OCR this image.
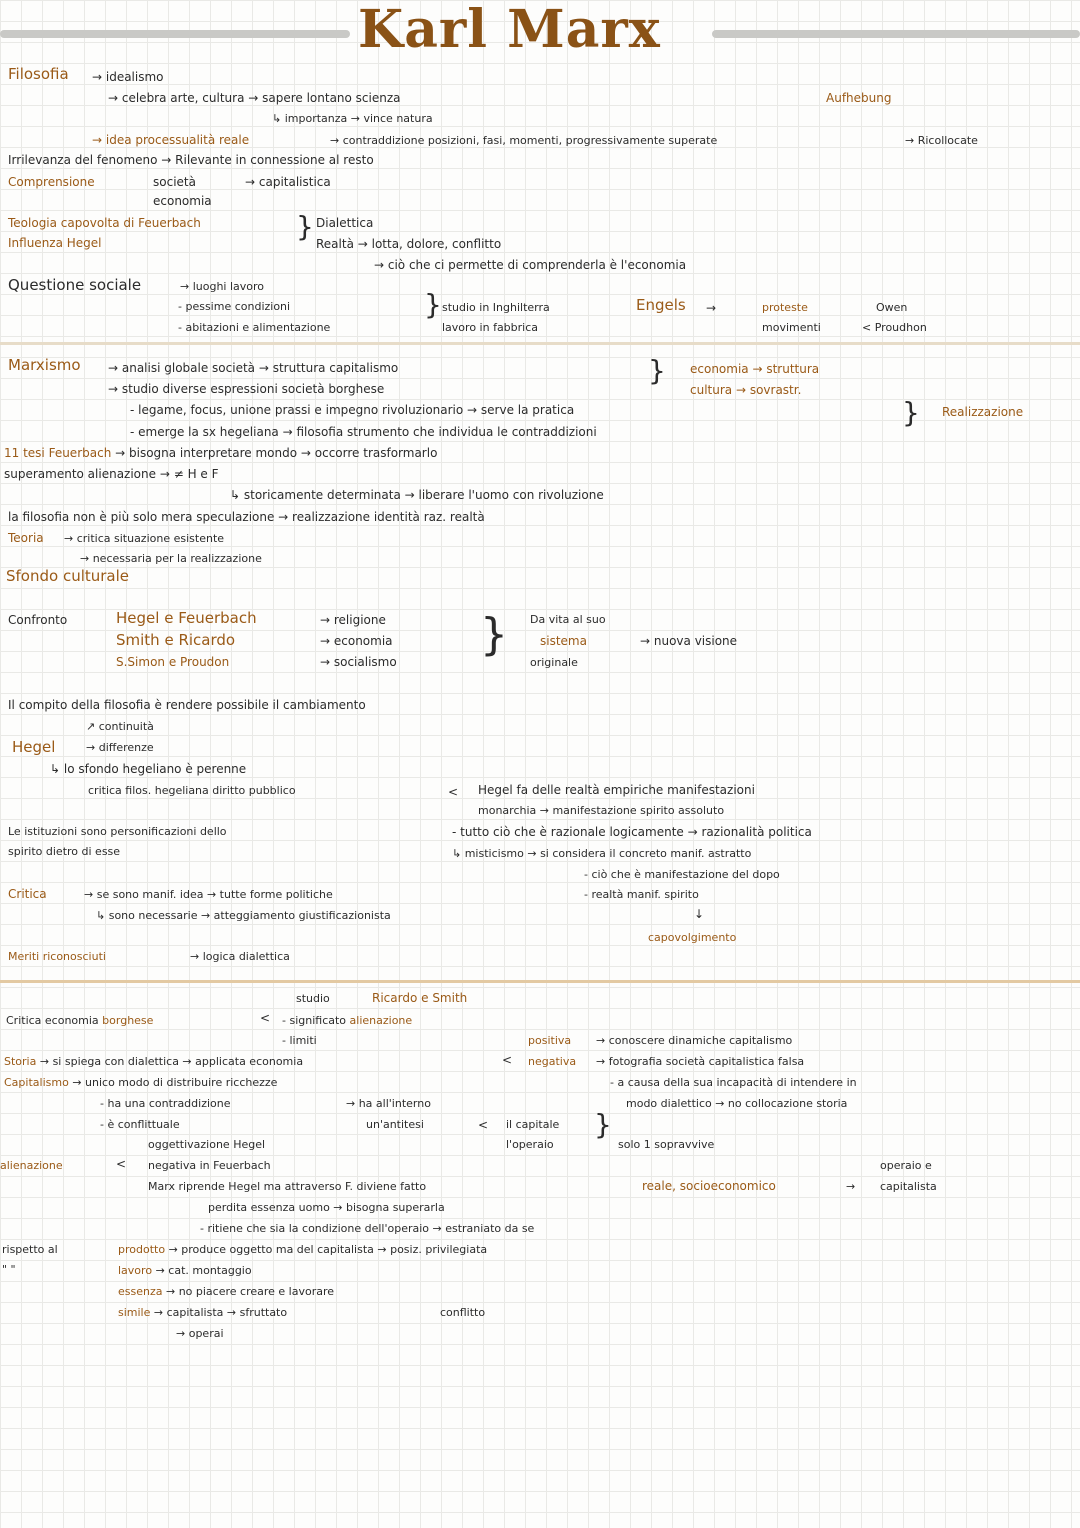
Karl Marx
Filosofia → idealismo
→ celebra arte, cultura → sapere lontano scienza
↳ importanza → vince natura
Aufhebung
→ idea processualità reale	→ contraddizione posizioni, fasi, momenti, progressivamente superate	→ Ricollocate
Irrilevanza del fenomeno → Rilevante in connessione al resto
Comprensione	società
economia
→ capitalistica
Teologia capovolta di Feuerbach
Influenza Hegel	} Dialettica
Realtà → lotta, dolore, conflitto
→ ciò che ci permette di comprenderla è l'economia
Questione sociale	→ luoghi lavoro
- pessime condizioni
- abitazioni e alimentazione
} studio in Inghilterra	Engels
lavoro in fabbrica
→	proteste
movimenti
Owen
< Proudhon
Marxismo → analisi globale società → struttura capitalismo	} economia → struttura
cultura → sovrastr.
→ studio diverse espressioni società borghese
- legame, focus, unione prassi e impegno rivoluzionario → serve la pratica	} Realizzazione
- emerge la sx hegeliana → filosofia strumento che individua le contraddizioni
11 tesi Feuerbach → bisogna interpretare mondo → occorre trasformarlo
superamento alienazione → ≠ H e F
↳ storicamente determinata → liberare l'uomo con rivoluzione
la filosofia non è più solo mera speculazione → realizzazione identità raz. realtà
Teoria → critica situazione esistente
→ necessaria per la realizzazione
Sfondo culturale
Confronto	Hegel e Feuerbach	→ religione
Smith e Ricardo	→ economia
S.Simon e Proudon	→ socialismo
} Da vita al suo
sistema	→ nuova visione
originale
Il compito della filosofia è rendere possibile il cambiamento
Hegel
↗ continuità
→ differenze
↳ lo sfondo hegeliano è perenne
critica filos. hegeliana diritto pubblico	< Hegel fa delle realtà empiriche manifestazioni
monarchia → manifestazione spirito assoluto
- tutto ciò che è razionale logicamente → razionalità politica
↳ misticismo → si considera il concreto manif. astratto
- ciò che è manifestazione del dopo
- realtà manif. spirito
↓
capovolgimento
Le istituzioni sono personificazioni dello
spirito dietro di esse
Critica	→ se sono manif. idea → tutte forme politiche
↳ sono necessarie → atteggiamento giustificazionista
Meriti riconosciuti	→ logica dialettica
studio	Ricardo e Smith
Critica economia borghese	< - significato alienazione
- limiti	positiva → conoscere dinamiche capitalismo
Storia → si spiega con dialettica → applicata economia	< negativa → fotografia società capitalistica falsa
Capitalismo → unico modo di distribuire ricchezze	- a causa della sua incapacità di intendere in
modo dialettico → no collocazione storia
- ha una contraddizione	→ ha all'interno
- è conflittuale	un'antitesi	< il capitale
l'operaio
}
solo 1 sopravvive
oggettivazione Hegel
alienazione	< negativa in Feuerbach
Marx riprende Hegel ma attraverso F. diviene fatto	reale, socioeconomico	→
operaio e
capitalista
perdita essenza uomo → bisogna superarla
- ritiene che sia la condizione dell'operaio → estraniato da se
rispetto al
" "
prodotto → produce oggetto ma del capitalista → posiz. privilegiata
lavoro → cat. montaggio
essenza → no piacere creare e lavorare
simile → capitalista → sfruttato	conflitto
→ operai
